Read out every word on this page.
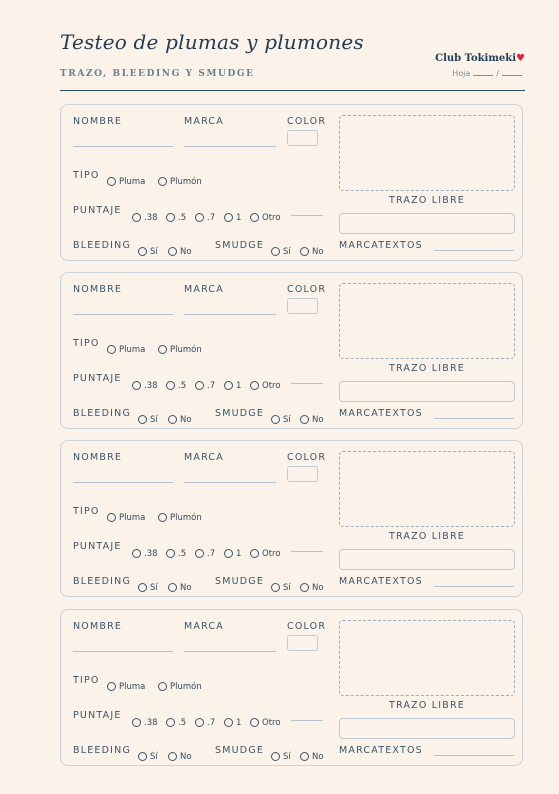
Testeo de plumas y plumones
TRAZO, BLEEDING Y SMUDGE
Club Tokimeki♥
Hoja	/
NOMBRE	MARCA	COLOR
TRAZO LIBRE
TIPO
Pluma	Plumón
PUNTAJE
.38	.5	.7	1	Otro
BLEEDING
Sí	No
SMUDGE
Sí	No
MARCATEXTOS
NOMBRE	MARCA	COLOR
TRAZO LIBRE
TIPO
Pluma	Plumón
PUNTAJE
.38	.5	.7	1	Otro
BLEEDING
Sí	No
SMUDGE
Sí	No
MARCATEXTOS
NOMBRE	MARCA	COLOR
TRAZO LIBRE
TIPO
Pluma	Plumón
PUNTAJE
.38	.5	.7	1	Otro
BLEEDING
Sí	No
SMUDGE
Sí	No
MARCATEXTOS
NOMBRE	MARCA	COLOR
TRAZO LIBRE
TIPO
Pluma	Plumón
PUNTAJE
.38	.5	.7	1	Otro
BLEEDING
Sí	No
SMUDGE
Sí	No
MARCATEXTOS
